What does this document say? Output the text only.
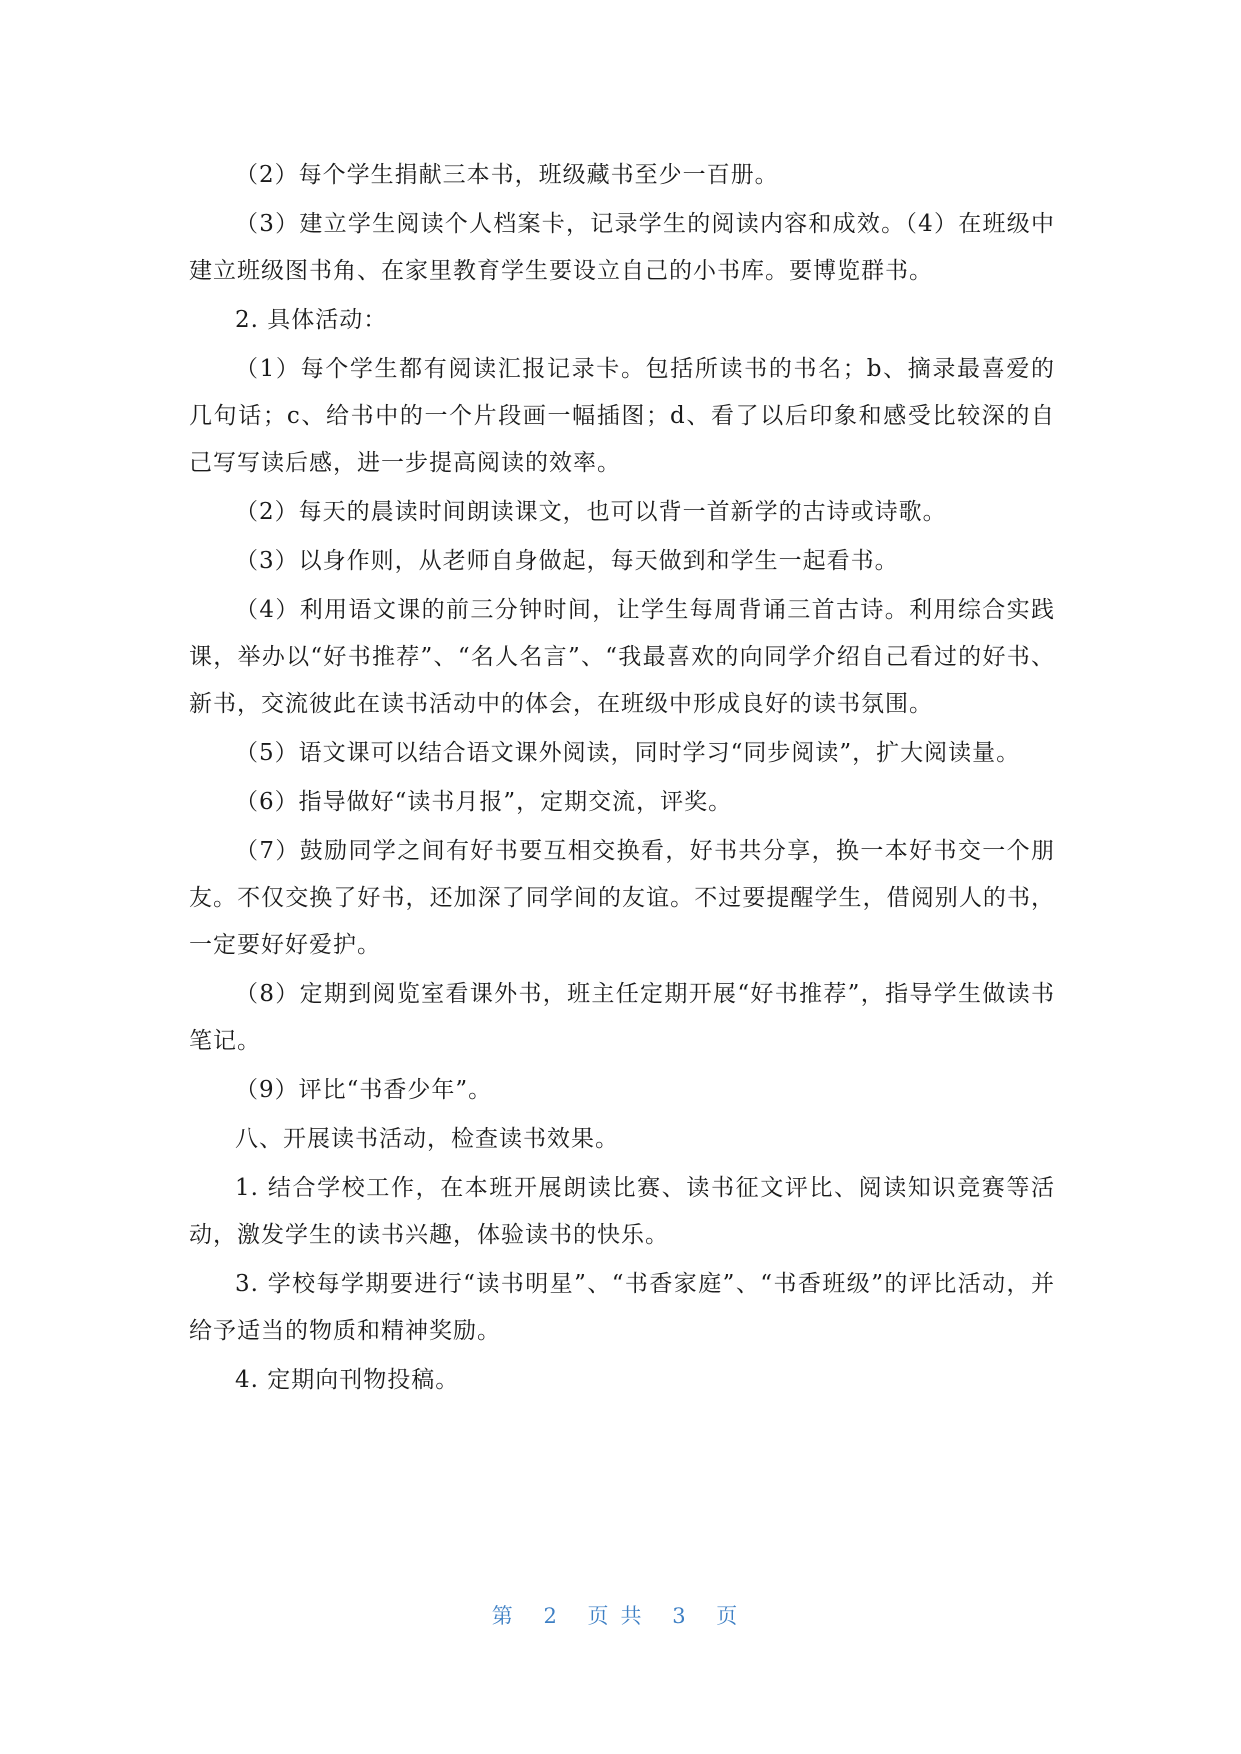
（2）每个学生捐献三本书，班级藏书至少一百册。

（3）建立学生阅读个人档案卡，记录学生的阅读内容和成效。（4）在班级中建立班级图书角、在家里教育学生要设立自己的小书库。要博览群书。

2. 具体活动：

（1）每个学生都有阅读汇报记录卡。包括所读书的书名；b、摘录最喜爱的几句话；c、给书中的一个片段画一幅插图；d、看了以后印象和感受比较深的自己写写读后感，进一步提高阅读的效率。

（2）每天的晨读时间朗读课文，也可以背一首新学的古诗或诗歌。

（3）以身作则，从老师自身做起，每天做到和学生一起看书。

（4）利用语文课的前三分钟时间，让学生每周背诵三首古诗。利用综合实践课，举办以“好书推荐”、“名人名言”、“我最喜欢的向同学介绍自己看过的好书、新书，交流彼此在读书活动中的体会，在班级中形成良好的读书氛围。

（5）语文课可以结合语文课外阅读，同时学习“同步阅读”，扩大阅读量。

（6）指导做好“读书月报”，定期交流，评奖。

（7）鼓励同学之间有好书要互相交换看，好书共分享，换一本好书交一个朋友。不仅交换了好书，还加深了同学间的友谊。不过要提醒学生，借阅别人的书，一定要好好爱护。

（8）定期到阅览室看课外书，班主任定期开展“好书推荐”，指导学生做读书笔记。

（9）评比“书香少年”。

八、开展读书活动，检查读书效果。

1. 结合学校工作，在本班开展朗读比赛、读书征文评比、阅读知识竞赛等活动，激发学生的读书兴趣，体验读书的快乐。

3. 学校每学期要进行“读书明星”、“书香家庭”、“书香班级”的评比活动，并给予适当的物质和精神奖励。

4. 定期向刊物投稿。

第 2 页共 3 页
